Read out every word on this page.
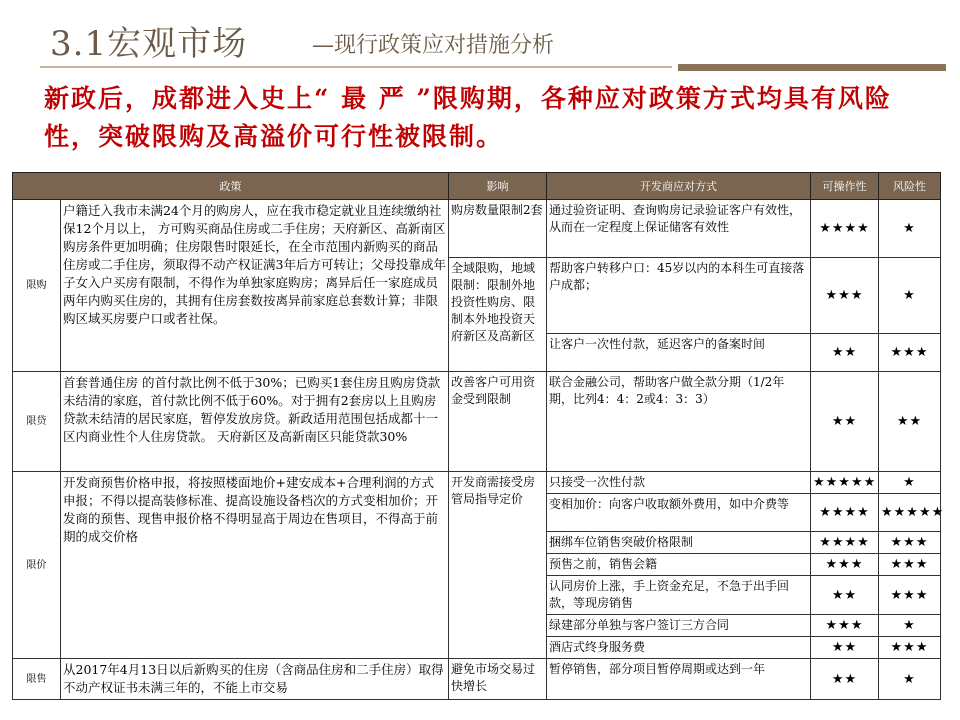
3.1宏观市场	—现行政策应对措施分析
新政后，成都进入史上“ 最 严 ”限购期，各种应对政策方式均具有风险性，突破限购及高溢价可行性被限制。
政策		影响	开发商应对方式	可操作性	风险性
限购	户籍迁入我市未满24个月的购房人，应在我市稳定就业且连续缴纳社保12个月以上， 方可购买商品住房或二手住房；天府新区、高新南区购房条件更加明确；住房限售时限延长，在全市范围内新购买的商品住房或二手住房，须取得不动产权证满3年后方可转让；父母投靠成年子女入户买房有限制，不得作为单独家庭购房；离异后任一家庭成员两年内购买住房的，其拥有住房套数按离异前家庭总套数计算；非限购区域买房要户口或者社保。	购房数量限制2套	通过验资证明、查询购房记录验证客户有效性，从而在一定程度上保证储客有效性	★★★★	★
		全域限购，地域限制：限制外地 投资性购房、限 制本外地投资天 府新区及高新区	帮助客户转移户口：45岁以内的本科生可直接落户成都；	★★★	★
			让客户一次性付款，延迟客户的备案时间	★★	★★★
限贷	首套普通住房 的首付款比例不低于30%；已购买1套住房且购房贷款未结清的家庭，首付款比例不低于60%。对于拥有2套房以上且购房贷款未结清的居民家庭，暂停发放房贷。新政适用范围包括成都十一区内商业性个人住房贷款。 天府新区及高新南区只能贷款30%	改善客户可用资金受到限制	联合金融公司，帮助客户做全款分期（1/2年期，比列4：4：2或4：3：3）	★★	★★
限价	开发商预售价格申报，将按照楼面地价+建安成本+合理利润的方式申报；不得以提高装修标准、提高设施设备档次的方式变相加价；开发商的预售、现售申报价格不得明显高于周边在售项目，不得高于前期的成交价格	开发商需接受房管局指导定价	只接受一次性付款	★★★★★	★
			变相加价：向客户收取额外费用，如中介费等	★★★★	★★★★★
			捆绑车位销售突破价格限制	★★★★	★★★
			预售之前，销售会籍	★★★	★★★
			认同房价上涨，手上资金充足，不急于出手回款，等现房销售	★★	★★★
			绿建部分单独与客户签订三方合同	★★★	★
			酒店式终身服务费	★★	★★★
限售	从2017年4月13日以后新购买的住房（含商品住房和二手住房）取得不动产权证书未满三年的，不能上市交易	避免市场交易过快增长	暂停销售，部分项目暂停周期或达到一年	★★	★
